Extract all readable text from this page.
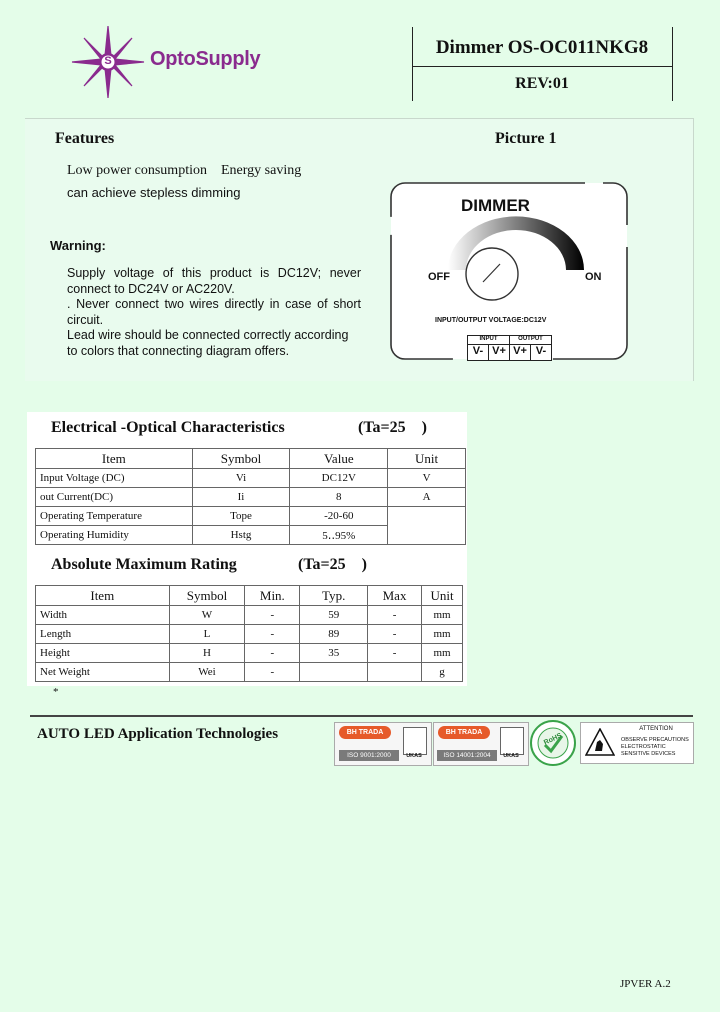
S OptoSupply
Dimmer OS-OC011NKG8
REV:01
Features	Picture 1
Low power consumption    Energy saving
can achieve stepless dimming
Warning:
Supply voltage of this product is DC12V; never connect to DC24V or AC220V.
. Never connect two wires directly in case of short circuit.
Lead wire should be connected correctly according to colors that connecting diagram offers.
DIMMER
OFF	ON
INPUT/OUTPUT VOLTAGE:DC12V
INPUT	OUTPUT
V- V+ V+ V-
Electrical -Optical Characteristics	(Ta=25    )
Item	Symbol	Value	Unit
Input Voltage (DC)	Vi	DC12V	V
out Current(DC)	Ii	8	A
Operating Temperature	Tope	-20-60	
Operating Humidity	Hstg	5‥95%	
Absolute Maximum Rating	(Ta=25    )
Item	Symbol	Min.	Typ.	Max	Unit
Width	W	-	59	-	mm
Length	L	-	89	-	mm
Height	H	-	35	-	mm
Net Weight	Wei	-			g
*
AUTO LED Application Technologies	BH TRADA
ISO 9001:2000	UKAS
BH TRADA
ISO 14001:2004	UKAS
RoHS
ATTENTION
OBSERVE PRECAUTIONS
ELECTROSTATIC
SENSITIVE DEVICES
JPVER A.2
